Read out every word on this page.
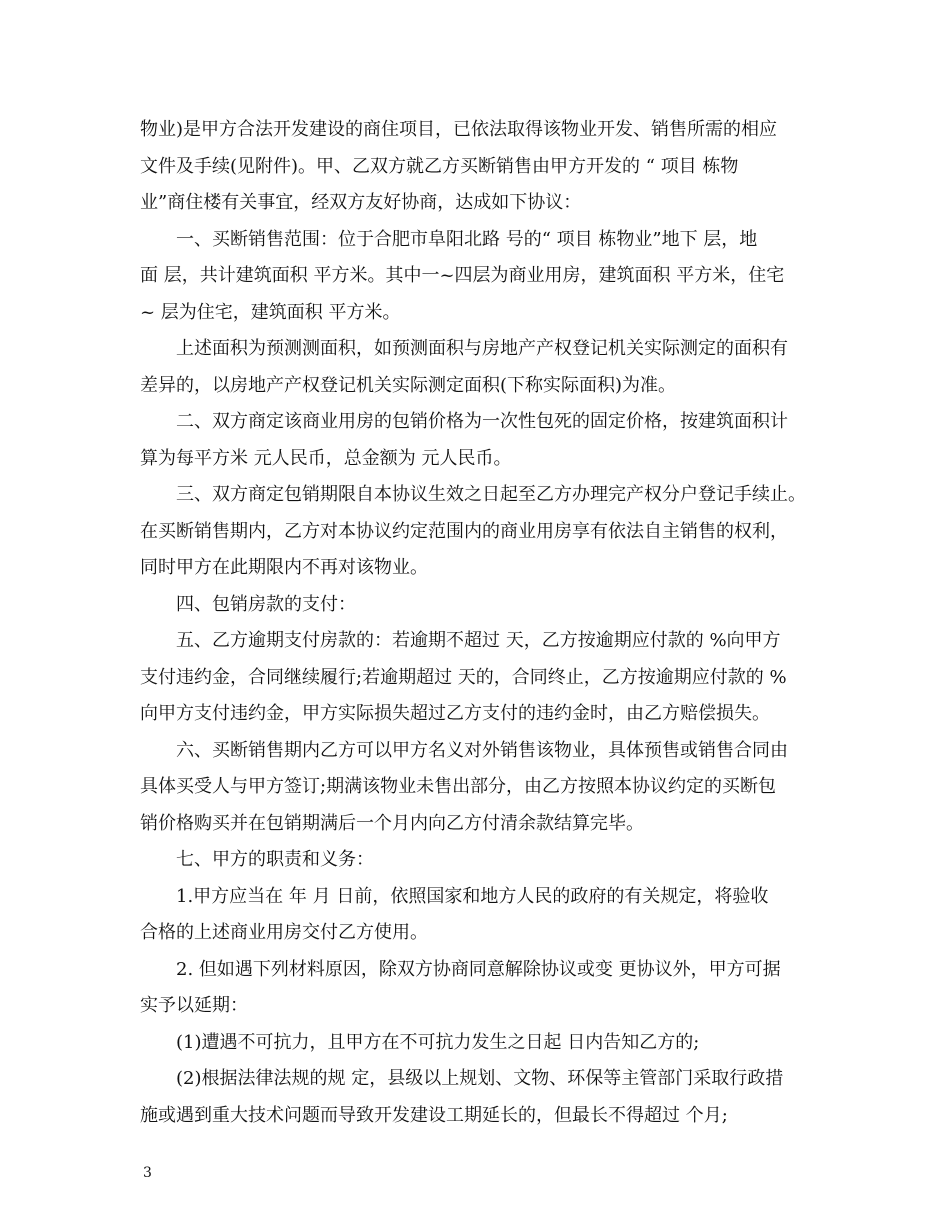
物业)是甲方合法开发建设的商住项目，已依法取得该物业开发、销售所需的相应
文件及手续(见附件)。甲、乙双方就乙方买断销售由甲方开发的 “ 项目 栋物
业”商住楼有关事宜，经双方友好协商，达成如下协议：
一、买断销售范围：位于合肥市阜阳北路 号的“ 项目 栋物业”地下 层，地
面 层，共计建筑面积 平方米。其中一~四层为商业用房，建筑面积 平方米，住宅
~ 层为住宅，建筑面积 平方米。
上述面积为预测测面积，如预测面积与房地产产权登记机关实际测定的面积有
差异的，以房地产产权登记机关实际测定面积(下称实际面积)为准。
二、双方商定该商业用房的包销价格为一次性包死的固定价格，按建筑面积计
算为每平方米 元人民币，总金额为 元人民币。
三、双方商定包销期限自本协议生效之日起至乙方办理完产权分户登记手续止。
在买断销售期内，乙方对本协议约定范围内的商业用房享有依法自主销售的权利，
同时甲方在此期限内不再对该物业。
四、包销房款的支付：
五、乙方逾期支付房款的：若逾期不超过 天，乙方按逾期应付款的 %向甲方
支付违约金，合同继续履行;若逾期超过 天的，合同终止，乙方按逾期应付款的 %
向甲方支付违约金，甲方实际损失超过乙方支付的违约金时，由乙方赔偿损失。
六、买断销售期内乙方可以甲方名义对外销售该物业，具体预售或销售合同由
具体买受人与甲方签订;期满该物业未售出部分，由乙方按照本协议约定的买断包
销价格购买并在包销期满后一个月内向乙方付清余款结算完毕。
七、甲方的职责和义务：
1.甲方应当在 年 月 日前，依照国家和地方人民的政府的有关规定，将验收
合格的上述商业用房交付乙方使用。
2. 但如遇下列材料原因，除双方协商同意解除协议或变 更协议外，甲方可据
实予以延期：
(1)遭遇不可抗力，且甲方在不可抗力发生之日起 日内告知乙方的;
(2)根据法律法规的规 定，县级以上规划、文物、环保等主管部门采取行政措
施或遇到重大技术问题而导致开发建设工期延长的，但最长不得超过 个月;
3
